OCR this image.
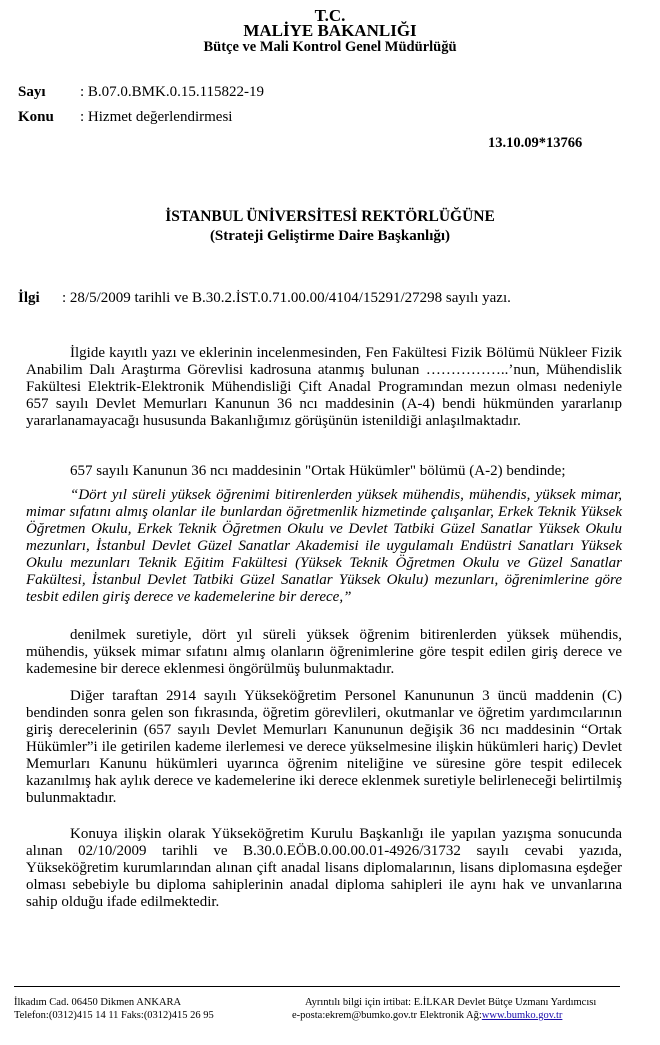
T.C.
MALİYE BAKANLIĞI
Bütçe ve Mali Kontrol Genel Müdürlüğü
Sayı : B.07.0.BMK.0.15.115822-19
Konu : Hizmet değerlendirmesi
13.10.09*13766
İSTANBUL ÜNİVERSİTESİ REKTÖRLÜĞÜNE
(Strateji Geliştirme Daire Başkanlığı)
İlgi : 28/5/2009 tarihli ve B.30.2.İST.0.71.00.00/4104/15291/27298 sayılı yazı.

İlgide kayıtlı yazı ve eklerinin incelenmesinden, Fen Fakültesi Fizik Bölümü Nükleer Fizik Anabilim Dalı Araştırma Görevlisi kadrosuna atanmış bulunan ……………..’nun, Mühendislik Fakültesi Elektrik-Elektronik Mühendisliği Çift Anadal Programından mezun olması nedeniyle 657 sayılı Devlet Memurları Kanunun 36 ncı maddesinin (A-4) bendi hükmünden yararlanıp yararlanamayacağı hususunda Bakanlığımız görüşünün istenildiği anlaşılmaktadır.

657 sayılı Kanunun 36 ncı maddesinin "Ortak Hükümler" bölümü (A-2) bendinde;

“Dört yıl süreli yüksek öğrenimi bitirenlerden yüksek mühendis, mühendis, yüksek mimar, mimar sıfatını almış olanlar ile bunlardan öğretmenlik hizmetinde çalışanlar, Erkek Teknik Yüksek Öğretmen Okulu, Erkek Teknik Öğretmen Okulu ve Devlet Tatbiki Güzel Sanatlar Yüksek Okulu mezunları, İstanbul Devlet Güzel Sanatlar Akademisi ile uygulamalı Endüstri Sanatları Yüksek Okulu mezunları Teknik Eğitim Fakültesi (Yüksek Teknik Öğretmen Okulu ve Güzel Sanatlar Fakültesi, İstanbul Devlet Tatbiki Güzel Sanatlar Yüksek Okulu) mezunları, öğrenimlerine göre tesbit edilen giriş derece ve kademelerine bir derece,”

denilmek suretiyle, dört yıl süreli yüksek öğrenim bitirenlerden yüksek mühendis, mühendis, yüksek mimar sıfatını almış olanların öğrenimlerine göre tespit edilen giriş derece ve kademesine bir derece eklenmesi öngörülmüş bulunmaktadır.

Diğer taraftan 2914 sayılı Yükseköğretim Personel Kanununun 3 üncü maddenin (C) bendinden sonra gelen son fıkrasında, öğretim görevlileri, okutmanlar ve öğretim yardımcılarının giriş derecelerinin (657 sayılı Devlet Memurları Kanununun değişik 36 ncı maddesinin “Ortak Hükümler”i ile getirilen kademe ilerlemesi ve derece yükselmesine ilişkin hükümleri hariç) Devlet Memurları Kanunu hükümleri uyarınca öğrenim niteliğine ve süresine göre tespit edilecek kazanılmış hak aylık derece ve kademelerine iki derece eklenmek suretiyle belirleneceği belirtilmiş bulunmaktadır.

Konuya ilişkin olarak Yükseköğretim Kurulu Başkanlığı ile yapılan yazışma sonucunda alınan 02/10/2009 tarihli ve B.30.0.EÖB.0.00.00.01-4926/31732 sayılı cevabi yazıda, Yükseköğretim kurumlarından alınan çift anadal lisans diplomalarının, lisans diplomasına eşdeğer olması sebebiyle bu diploma sahiplerinin anadal diploma sahipleri ile aynı hak ve unvanlarına sahip olduğu ifade edilmektedir.

İlkadım Cad. 06450 Dikmen ANKARA
Telefon:(0312)415 14 11 Faks:(0312)415 26 95
Ayrıntılı bilgi için irtibat: E.İLKAR Devlet Bütçe Uzmanı Yardımcısı
e-posta:ekrem@bumko.gov.tr Elektronik Ağ:www.bumko.gov.tr
